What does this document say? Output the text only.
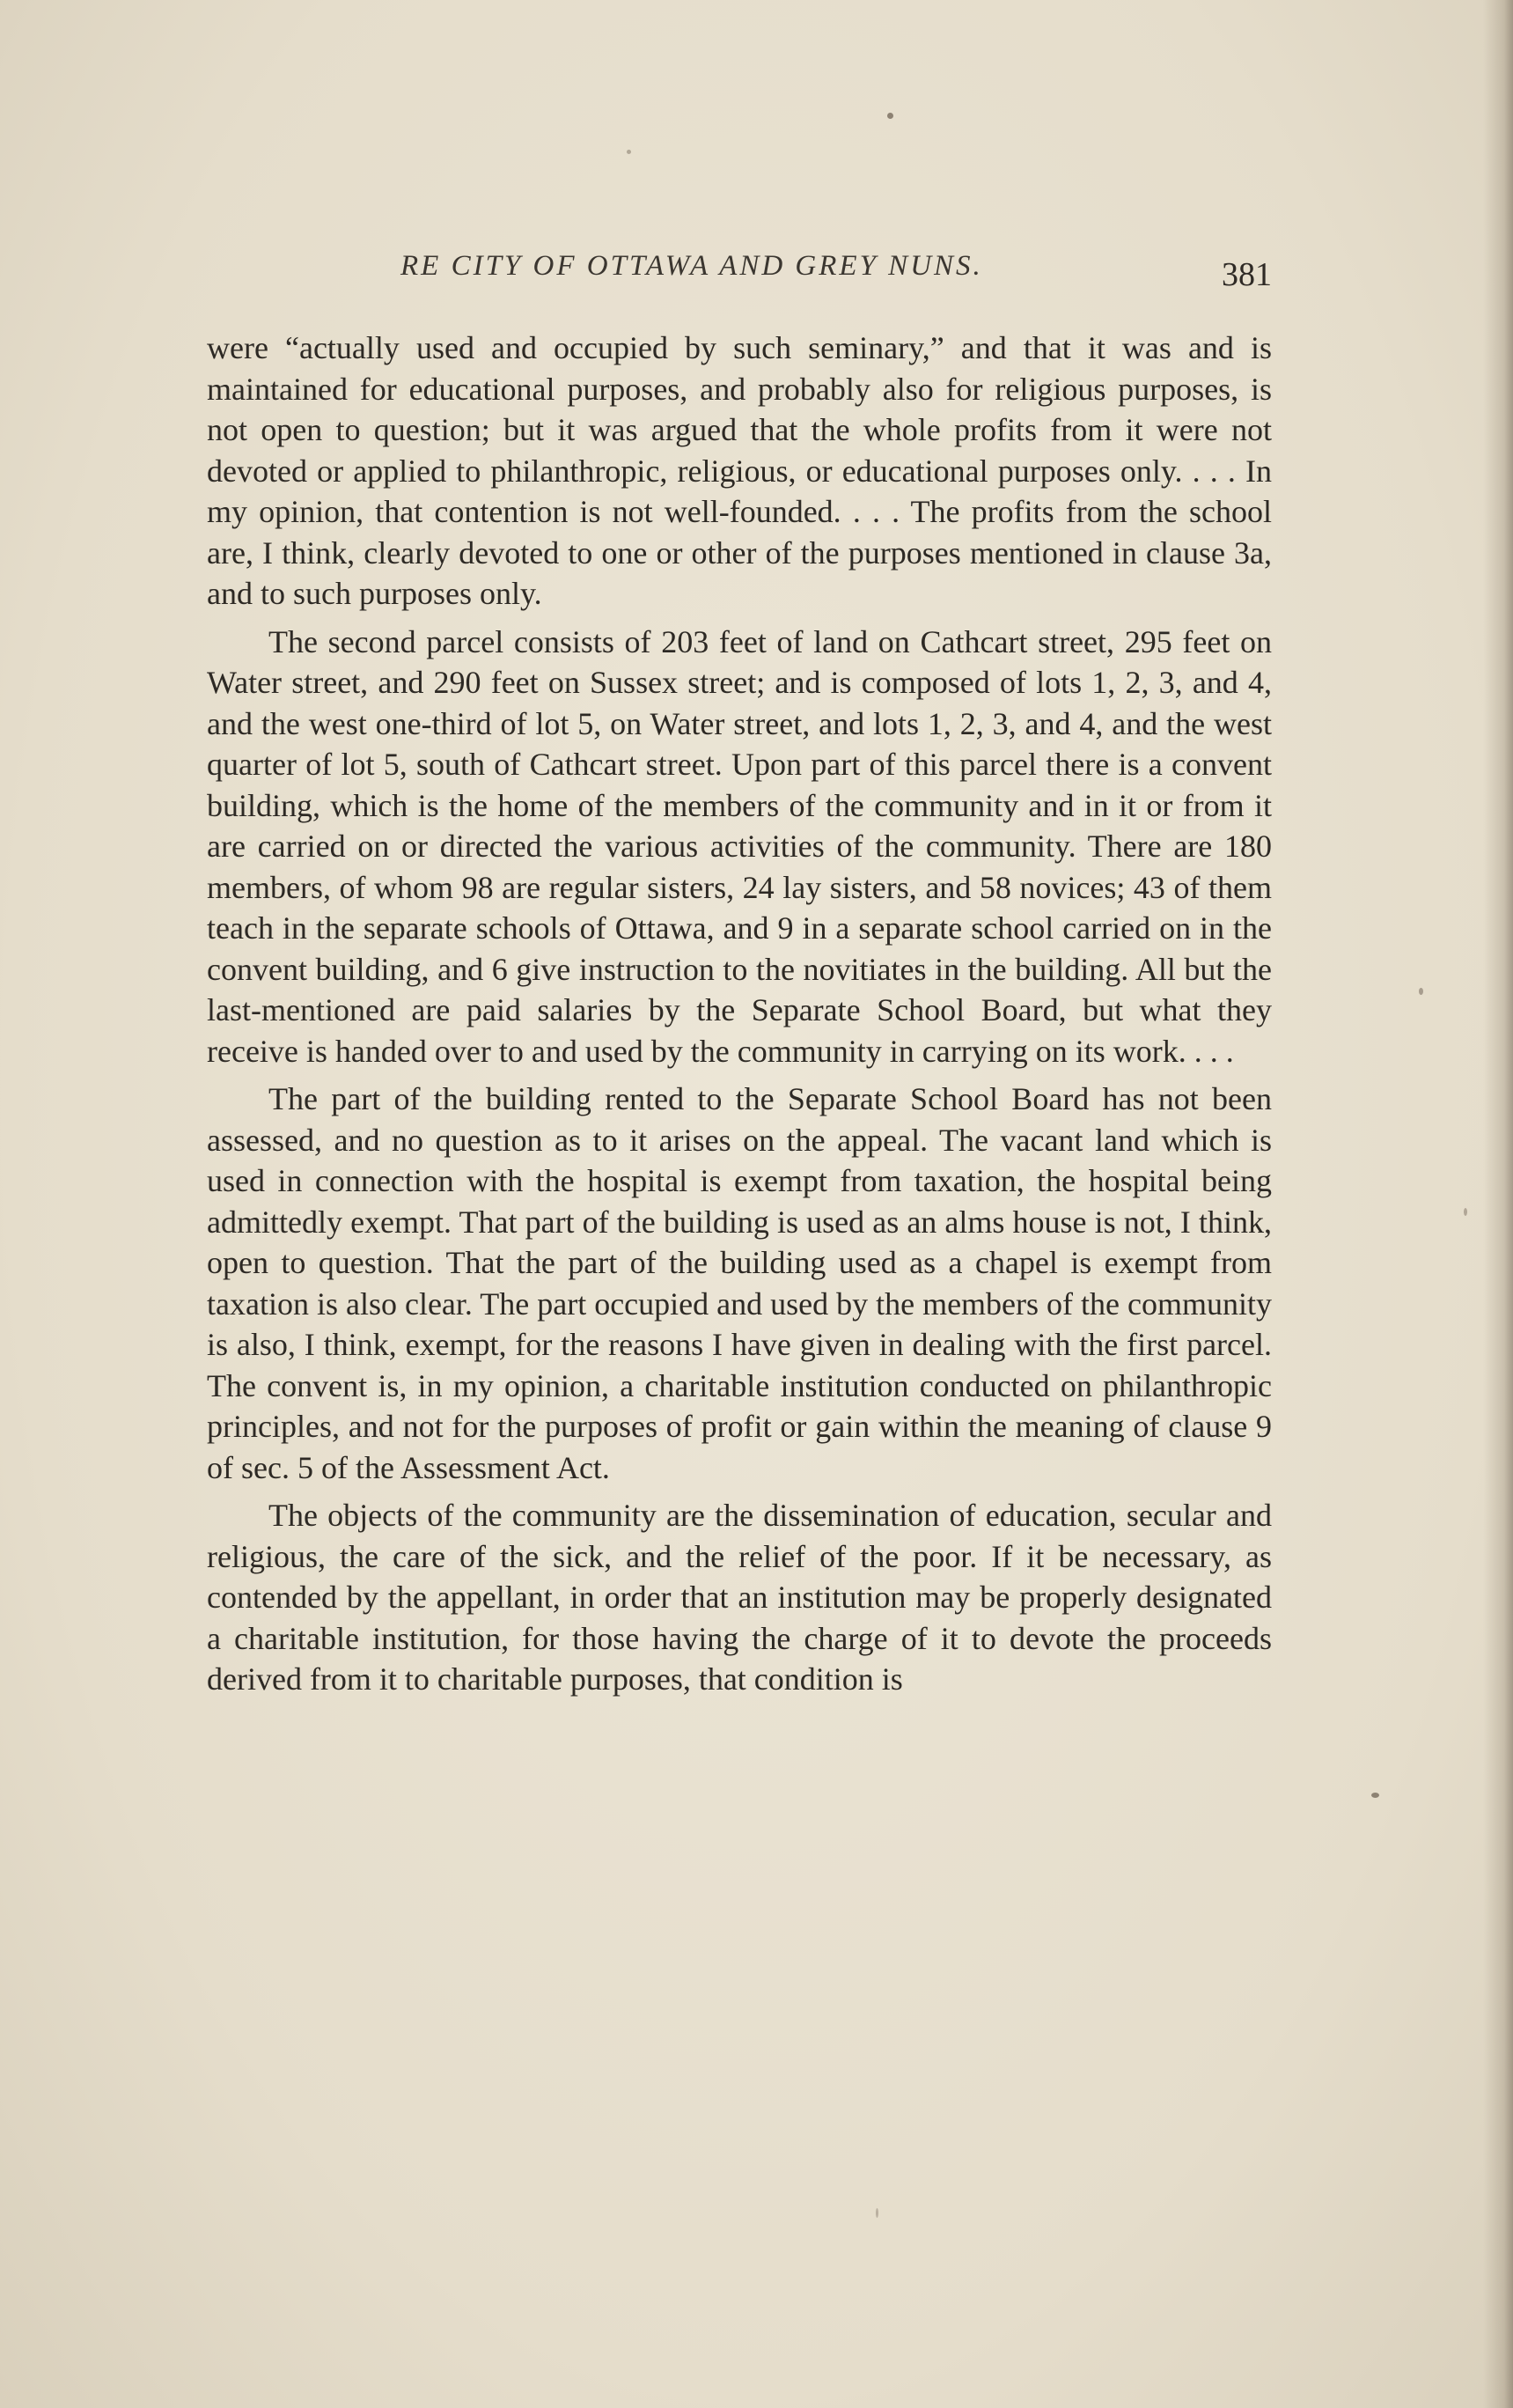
RE CITY OF OTTAWA AND GREY NUNS.	381

were “actually used and occupied by such seminary,” and that it was and is maintained for educational purposes, and probably also for religious purposes, is not open to question; but it was argued that the whole profits from it were not devoted or applied to philanthropic, religious, or educational purposes only. . . . In my opinion, that contention is not well-founded. . . . The profits from the school are, I think, clearly devoted to one or other of the purposes mentioned in clause 3a, and to such purposes only.

The second parcel consists of 203 feet of land on Cathcart street, 295 feet on Water street, and 290 feet on Sussex street; and is composed of lots 1, 2, 3, and 4, and the west one-third of lot 5, on Water street, and lots 1, 2, 3, and 4, and the west quarter of lot 5, south of Cathcart street. Upon part of this parcel there is a convent building, which is the home of the members of the community and in it or from it are carried on or directed the various activities of the community. There are 180 members, of whom 98 are regular sisters, 24 lay sisters, and 58 novices; 43 of them teach in the separate schools of Ottawa, and 9 in a separate school carried on in the convent building, and 6 give instruction to the novitiates in the building. All but the last-mentioned are paid salaries by the Separate School Board, but what they receive is handed over to and used by the community in carrying on its work. . . .

The part of the building rented to the Separate School Board has not been assessed, and no question as to it arises on the appeal. The vacant land which is used in connection with the hospital is exempt from taxation, the hospital being admittedly exempt. That part of the building is used as an alms house is not, I think, open to question. That the part of the building used as a chapel is exempt from taxation is also clear. The part occupied and used by the members of the community is also, I think, exempt, for the reasons I have given in dealing with the first parcel. The convent is, in my opinion, a charitable institution conducted on philanthropic principles, and not for the purposes of profit or gain within the meaning of clause 9 of sec. 5 of the Assessment Act.

The objects of the community are the dissemination of education, secular and religious, the care of the sick, and the relief of the poor. If it be necessary, as contended by the appellant, in order that an institution may be properly designated a charitable institution, for those having the charge of it to devote the proceeds derived from it to charitable purposes, that condition is
